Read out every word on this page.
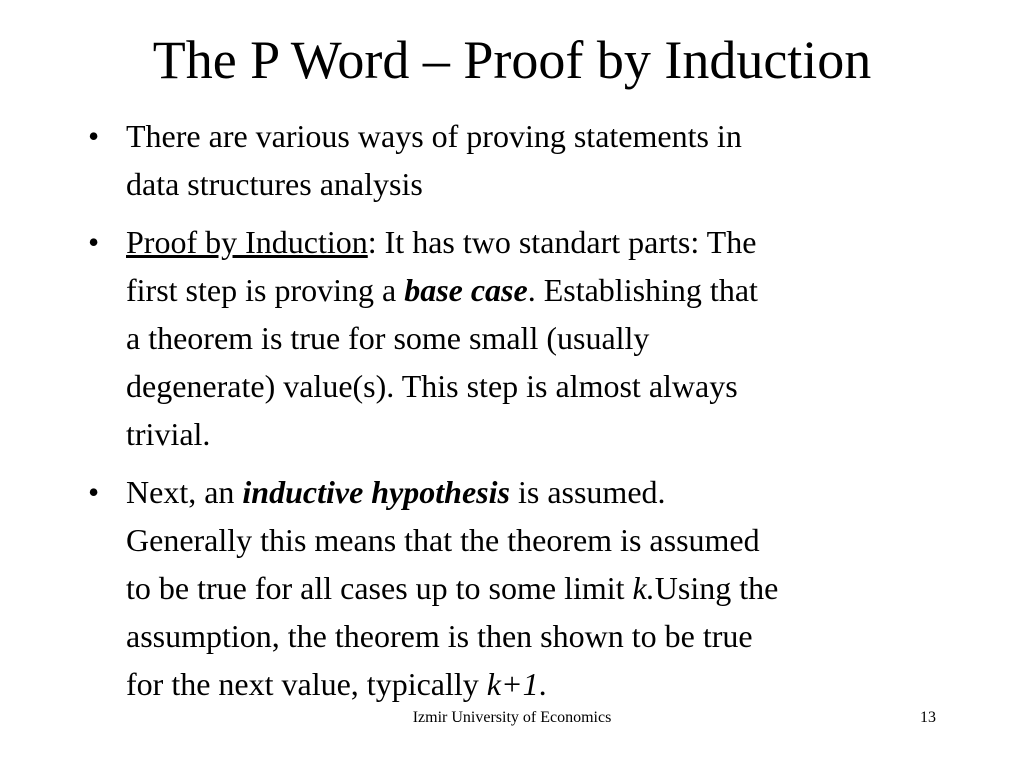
The P Word – Proof by Induction
• There are various ways of proving statements in
data structures analysis
• Proof by Induction: It has two standart parts: The
first step is proving a base case. Establishing that
a theorem is true for some small (usually
degenerate) value(s). This step is almost always
trivial.
• Next, an inductive hypothesis is assumed.
Generally this means that the theorem is assumed
to be true for all cases up to some limit k.Using the
assumption, the theorem is then shown to be true
for the next value, typically k+1.
Izmir University of Economics	13
